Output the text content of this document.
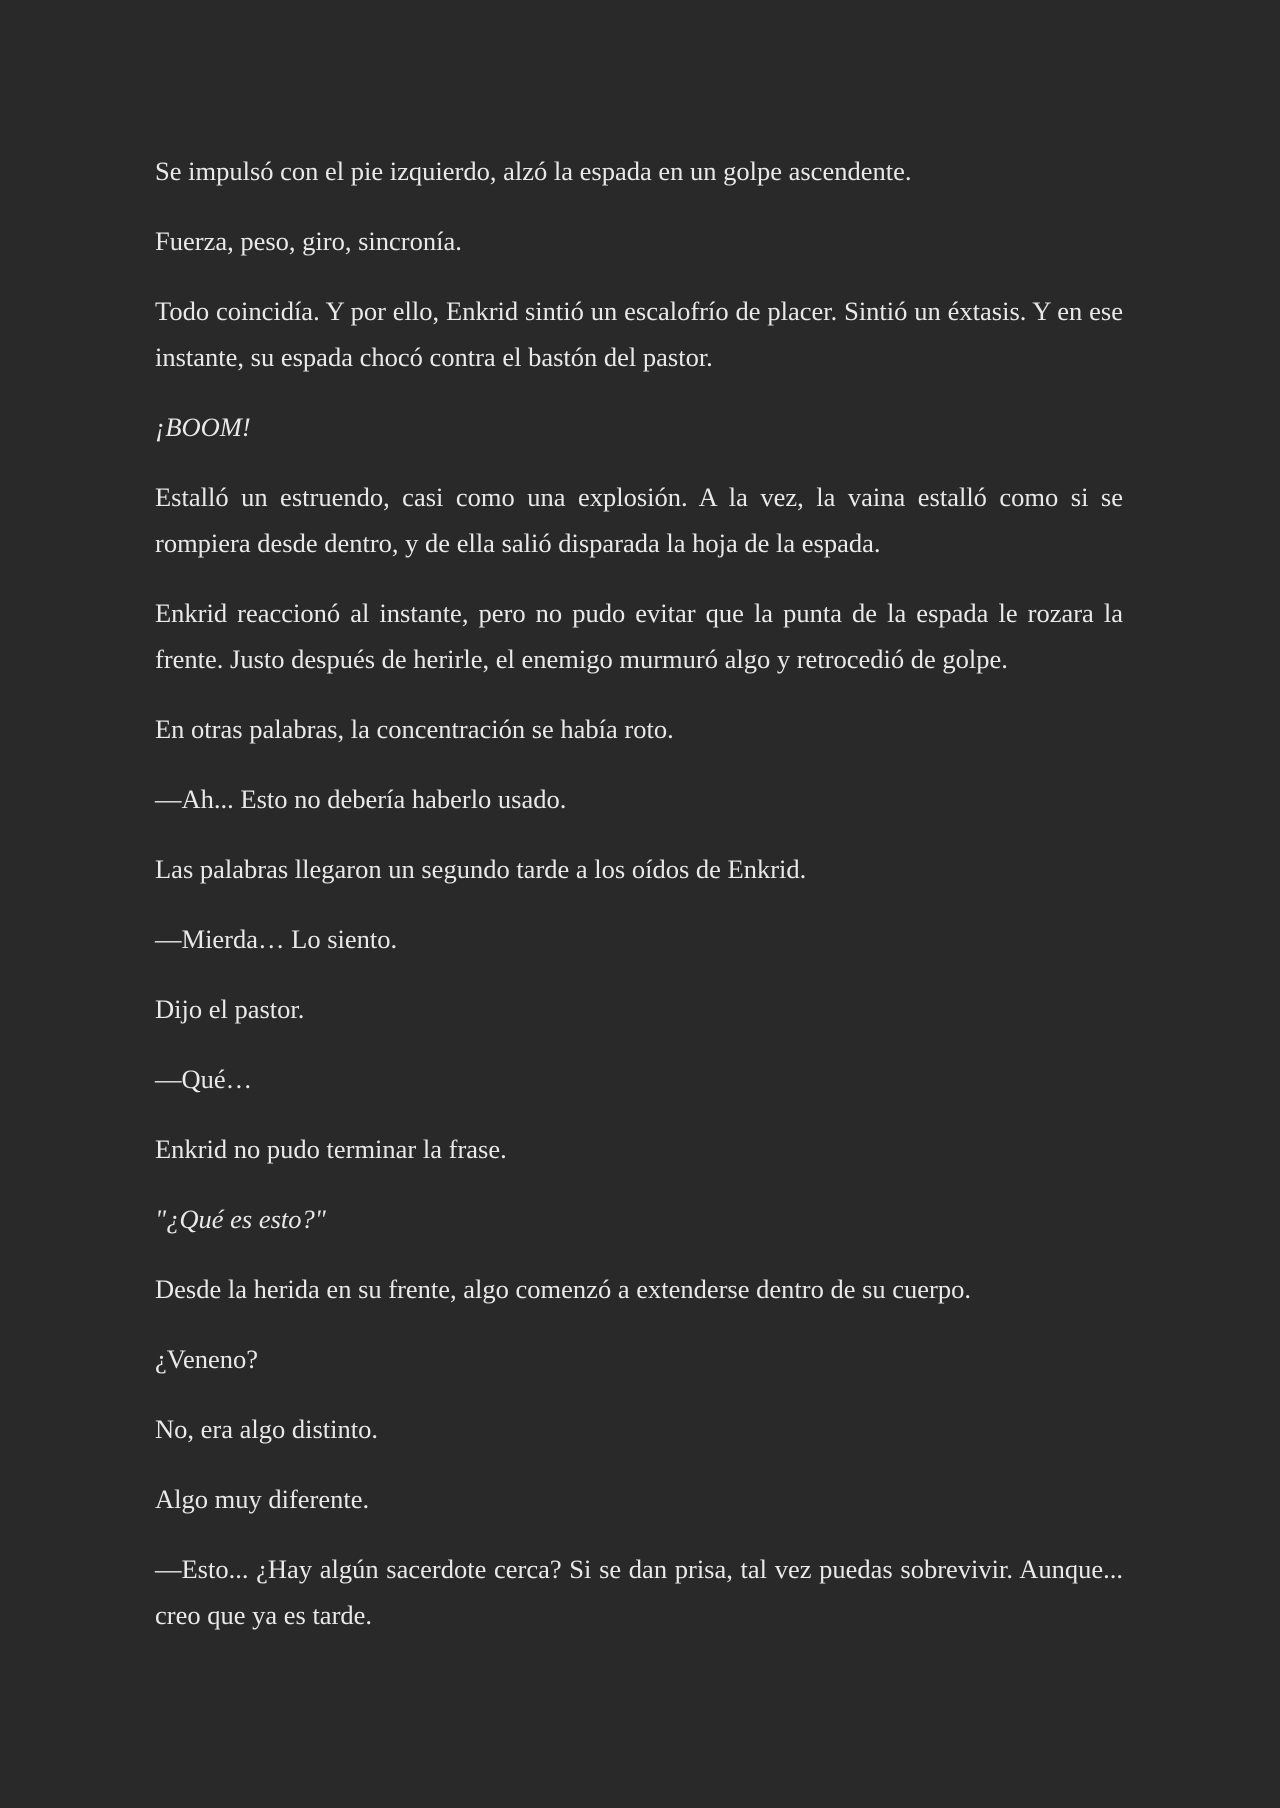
Se impulsó con el pie izquierdo, alzó la espada en un golpe ascendente.

Fuerza, peso, giro, sincronía.

Todo coincidía. Y por ello, Enkrid sintió un escalofrío de placer. Sintió un éxtasis. Y en ese instante, su espada chocó contra el bastón del pastor.

¡BOOM!

Estalló un estruendo, casi como una explosión. A la vez, la vaina estalló como si se rompiera desde dentro, y de ella salió disparada la hoja de la espada.

Enkrid reaccionó al instante, pero no pudo evitar que la punta de la espada le rozara la frente. Justo después de herirle, el enemigo murmuró algo y retrocedió de golpe.

En otras palabras, la concentración se había roto.

—Ah... Esto no debería haberlo usado.

Las palabras llegaron un segundo tarde a los oídos de Enkrid.

—Mierda… Lo siento.

Dijo el pastor.

—Qué…

Enkrid no pudo terminar la frase.

"¿Qué es esto?"

Desde la herida en su frente, algo comenzó a extenderse dentro de su cuerpo.

¿Veneno?

No, era algo distinto.

Algo muy diferente.

—Esto... ¿Hay algún sacerdote cerca? Si se dan prisa, tal vez puedas sobrevivir. Aunque... creo que ya es tarde.
